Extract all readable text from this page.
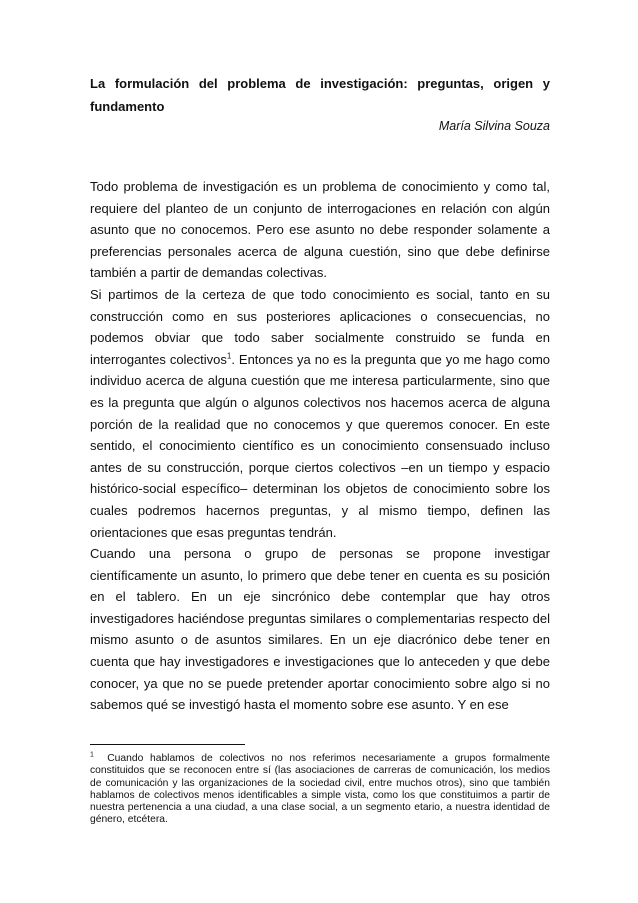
La formulación del problema de investigación: preguntas, origen y fundamento

María Silvina Souza

Todo problema de investigación es un problema de conocimiento y como tal, requiere del planteo de un conjunto de interrogaciones en relación con algún asunto que no conocemos. Pero ese asunto no debe responder solamente a preferencias personales acerca de alguna cuestión, sino que debe definirse también a partir de demandas colectivas.

Si partimos de la certeza de que todo conocimiento es social, tanto en su construcción como en sus posteriores aplicaciones o consecuencias, no podemos obviar que todo saber socialmente construido se funda en interrogantes colectivos$^1$. Entonces ya no es la pregunta que yo me hago como individuo acerca de alguna cuestión que me interesa particularmente, sino que es la pregunta que algún o algunos colectivos nos hacemos acerca de alguna porción de la realidad que no conocemos y que queremos conocer. En este sentido, el conocimiento científico es un conocimiento consensuado incluso antes de su construcción, porque ciertos colectivos –en un tiempo y espacio histórico-social específico– determinan los objetos de conocimiento sobre los cuales podremos hacernos preguntas, y al mismo tiempo, definen las orientaciones que esas preguntas tendrán.

Cuando una persona o grupo de personas se propone investigar científicamente un asunto, lo primero que debe tener en cuenta es su posición en el tablero. En un eje sincrónico debe contemplar que hay otros investigadores haciéndose preguntas similares o complementarias respecto del mismo asunto o de asuntos similares. En un eje diacrónico debe tener en cuenta que hay investigadores e investigaciones que lo anteceden y que debe conocer, ya que no se puede pretender aportar conocimiento sobre algo si no sabemos qué se investigó hasta el momento sobre ese asunto. Y en ese

$^1$ Cuando hablamos de colectivos no nos referimos necesariamente a grupos formalmente constituidos que se reconocen entre sí (las asociaciones de carreras de comunicación, los medios de comunicación y las organizaciones de la sociedad civil, entre muchos otros), sino que también hablamos de colectivos menos identificables a simple vista, como los que constituimos a partir de nuestra pertenencia a una ciudad, a una clase social, a un segmento etario, a nuestra identidad de género, etcétera.
